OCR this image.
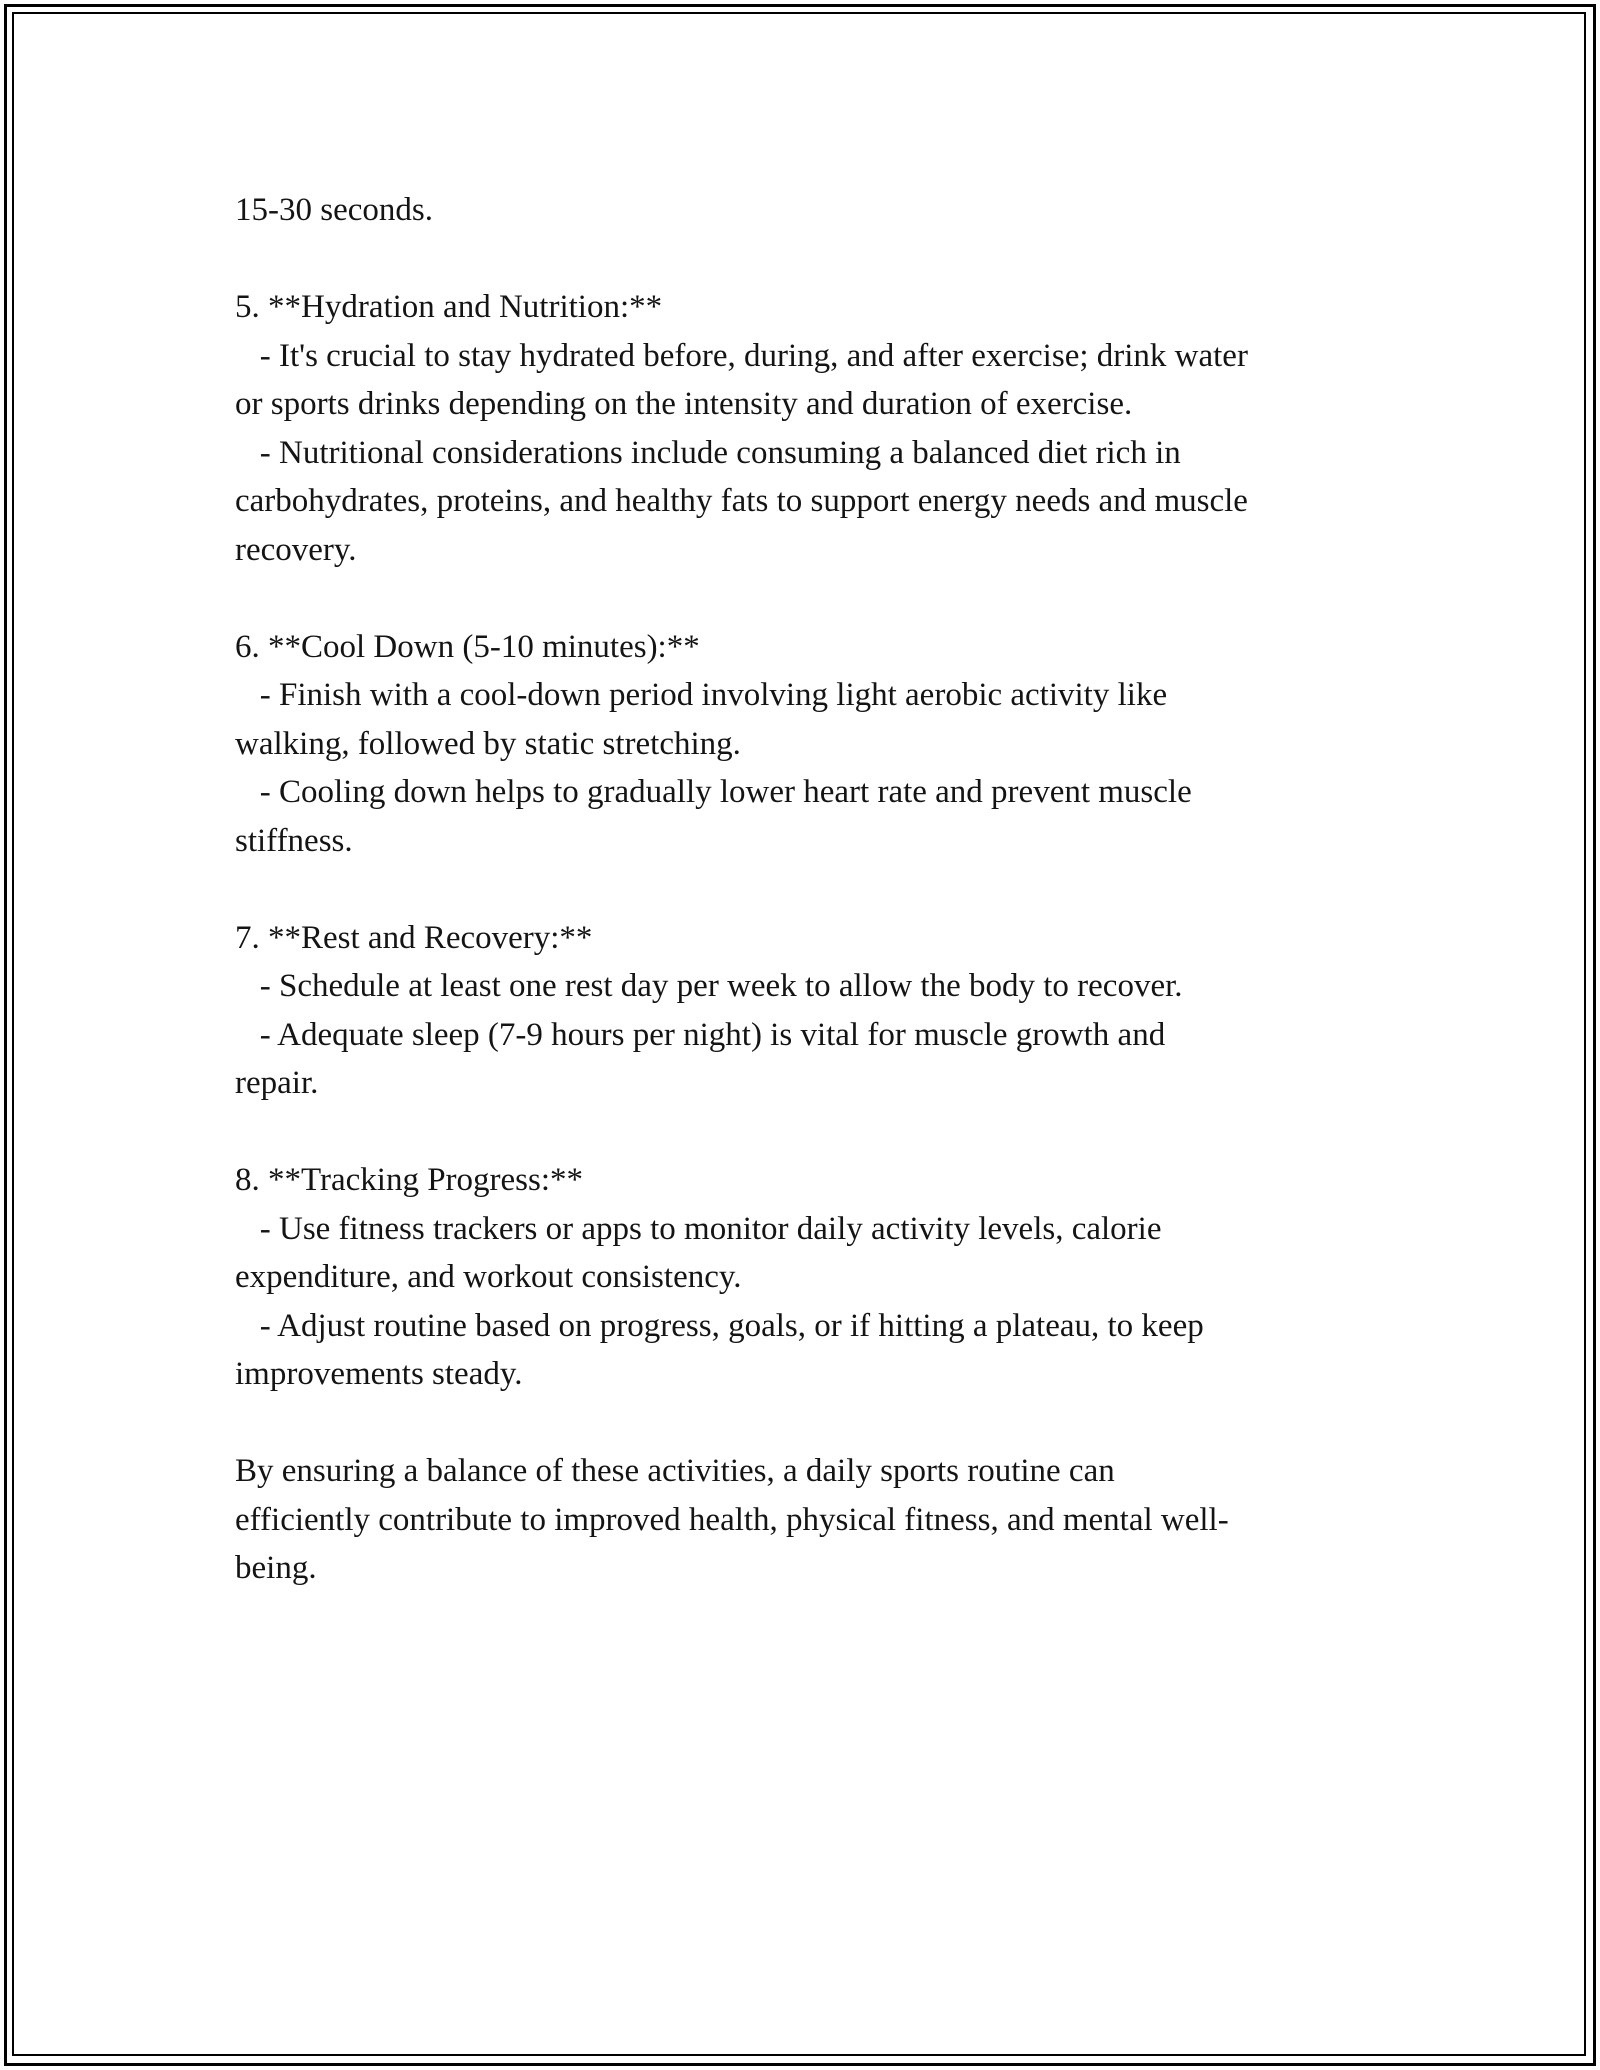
15-30 seconds.
5. **Hydration and Nutrition:**
- It's crucial to stay hydrated before, during, and after exercise; drink water
or sports drinks depending on the intensity and duration of exercise.
- Nutritional considerations include consuming a balanced diet rich in
carbohydrates, proteins, and healthy fats to support energy needs and muscle
recovery.
6. **Cool Down (5-10 minutes):**
- Finish with a cool-down period involving light aerobic activity like
walking, followed by static stretching.
- Cooling down helps to gradually lower heart rate and prevent muscle
stiffness.
7. **Rest and Recovery:**
- Schedule at least one rest day per week to allow the body to recover.
- Adequate sleep (7-9 hours per night) is vital for muscle growth and
repair.
8. **Tracking Progress:**
- Use fitness trackers or apps to monitor daily activity levels, calorie
expenditure, and workout consistency.
- Adjust routine based on progress, goals, or if hitting a plateau, to keep
improvements steady.
By ensuring a balance of these activities, a daily sports routine can
efficiently contribute to improved health, physical fitness, and mental well-
being.
